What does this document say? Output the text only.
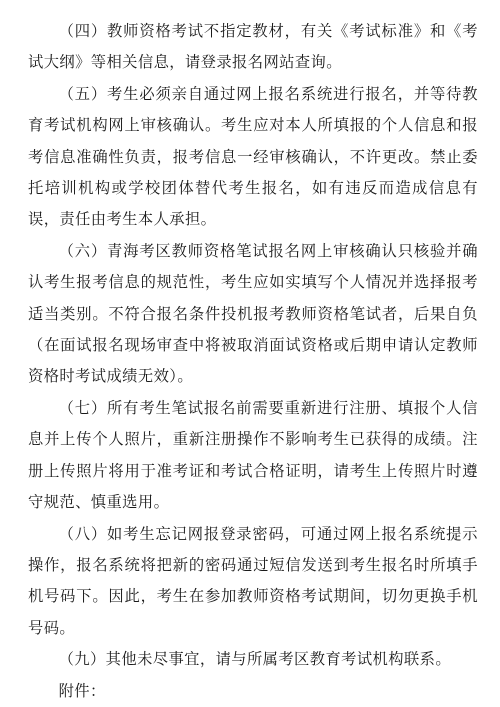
（四）教师资格考试不指定教材，有关《考试标准》和《考试大纲》等相关信息，请登录报名网站查询。

（五）考生必须亲自通过网上报名系统进行报名，并等待教育考试机构网上审核确认。考生应对本人所填报的个人信息和报考信息准确性负责，报考信息一经审核确认，不许更改。禁止委托培训机构或学校团体替代考生报名，如有违反而造成信息有误，责任由考生本人承担。

（六）青海考区教师资格笔试报名网上审核确认只核验并确认考生报考信息的规范性，考生应如实填写个人情况并选择报考适当类别。不符合报名条件投机报考教师资格笔试者，后果自负（在面试报名现场审查中将被取消面试资格或后期申请认定教师资格时考试成绩无效）。

（七）所有考生笔试报名前需要重新进行注册、填报个人信息并上传个人照片，重新注册操作不影响考生已获得的成绩。注册上传照片将用于准考证和考试合格证明，请考生上传照片时遵守规范、慎重选用。

（八）如考生忘记网报登录密码，可通过网上报名系统提示操作，报名系统将把新的密码通过短信发送到考生报名时所填手机号码下。因此，考生在参加教师资格考试期间，切勿更换手机号码。

（九）其他未尽事宜，请与所属考区教育考试机构联系。

附件：
